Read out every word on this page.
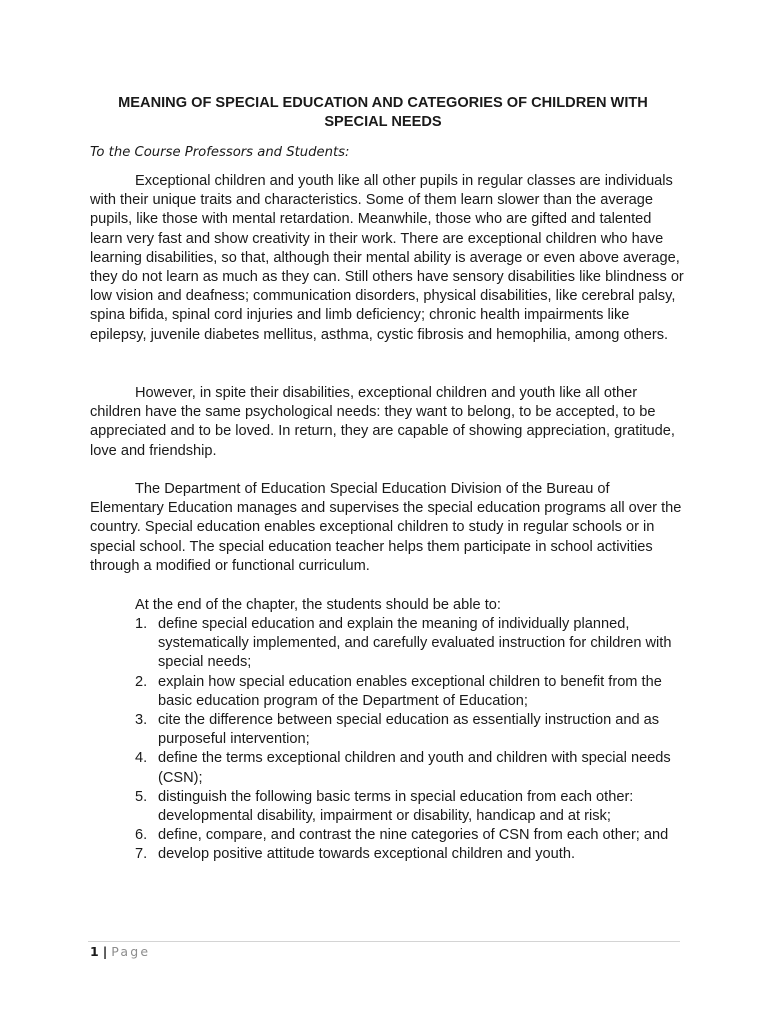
MEANING OF SPECIAL EDUCATION AND CATEGORIES OF CHILDREN WITH SPECIAL NEEDS

To the Course Professors and Students:

Exceptional children and youth like all other pupils in regular classes are individuals with their unique traits and characteristics. Some of them learn slower than the average pupils, like those with mental retardation. Meanwhile, those who are gifted and talented learn very fast and show creativity in their work. There are exceptional children who have learning disabilities, so that, although their mental ability is average or even above average, they do not learn as much as they can. Still others have sensory disabilities like blindness or low vision and deafness; communication disorders, physical disabilities, like cerebral palsy, spina bifida, spinal cord injuries and limb deficiency; chronic health impairments like epilepsy, juvenile diabetes mellitus, asthma, cystic fibrosis and hemophilia, among others.

However, in spite their disabilities, exceptional children and youth like all other children have the same psychological needs: they want to belong, to be accepted, to be appreciated and to be loved. In return, they are capable of showing appreciation, gratitude, love and friendship.

The Department of Education Special Education Division of the Bureau of Elementary Education manages and supervises the special education programs all over the country. Special education enables exceptional children to study in regular schools or in special school. The special education teacher helps them participate in school activities through a modified or functional curriculum.

At the end of the chapter, the students should be able to:

1. define special education and explain the meaning of individually planned, systematically implemented, and carefully evaluated instruction for children with special needs;
2. explain how special education enables exceptional children to benefit from the basic education program of the Department of Education;
3. cite the difference between special education as essentially instruction and as purposeful intervention;
4. define the terms exceptional children and youth and children with special needs (CSN);
5. distinguish the following basic terms in special education from each other: developmental disability, impairment or disability, handicap and at risk;
6. define, compare, and contrast the nine categories of CSN from each other; and
7. develop positive attitude towards exceptional children and youth.
1 | Page
